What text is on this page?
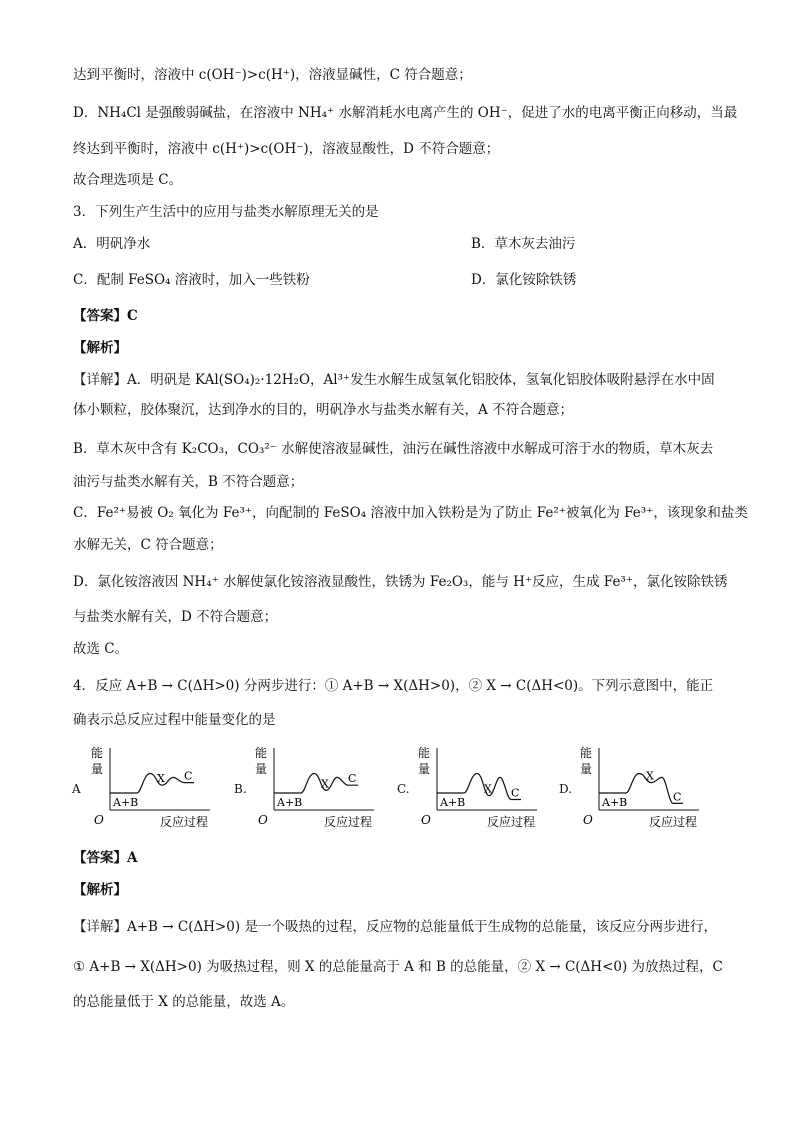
达到平衡时，溶液中 c(OH⁻)>c(H⁺)，溶液显碱性，C 符合题意；
D．NH₄Cl 是强酸弱碱盐，在溶液中 NH₄⁺ 水解消耗水电离产生的 OH⁻，促进了水的电离平衡正向移动，当最
终达到平衡时，溶液中 c(H⁺)>c(OH⁻)，溶液显酸性，D 不符合题意；
故合理选项是 C。
3．下列生产生活中的应用与盐类水解原理无关的是
A．明矾净水	B．草木灰去油污
C．配制 FeSO₄ 溶液时，加入一些铁粉	D．氯化铵除铁锈
【答案】C
【解析】
【详解】A．明矾是 KAl(SO₄)₂·12H₂O，Al³⁺发生水解生成氢氧化铝胶体，氢氧化铝胶体吸附悬浮在水中固
体小颗粒，胶体聚沉，达到净水的目的，明矾净水与盐类水解有关，A 不符合题意；
B．草木灰中含有 K₂CO₃，CO₃²⁻ 水解使溶液显碱性，油污在碱性溶液中水解成可溶于水的物质，草木灰去
油污与盐类水解有关，B 不符合题意；
C．Fe²⁺易被 O₂ 氧化为 Fe³⁺，向配制的 FeSO₄ 溶液中加入铁粉是为了防止 Fe²⁺被氧化为 Fe³⁺，该现象和盐类
水解无关，C 符合题意；
D．氯化铵溶液因 NH₄⁺ 水解使氯化铵溶液显酸性，铁锈为 Fe₂O₃，能与 H⁺反应，生成 Fe³⁺，氯化铵除铁锈
与盐类水解有关，D 不符合题意；
故选 C。
4．反应 A+B → C(ΔH>0) 分两步进行：① A+B → X(ΔH>0)，② X → C(ΔH<0)。下列示意图中，能正
确表示总反应过程中能量变化的是
A	B.	C.	D.
能
量
O	反应过程
A+B
X C
能
量
O	反应过程
A+B
X C
能
量
O	反应过程
A+B
X C
能
量
O	反应过程
A+B
X
C
【答案】A
【解析】
【详解】A+B → C(ΔH>0) 是一个吸热的过程，反应物的总能量低于生成物的总能量，该反应分两步进行，
① A+B → X(ΔH>0) 为吸热过程，则 X 的总能量高于 A 和 B 的总能量，② X → C(ΔH<0) 为放热过程，C
的总能量低于 X 的总能量，故选 A。
